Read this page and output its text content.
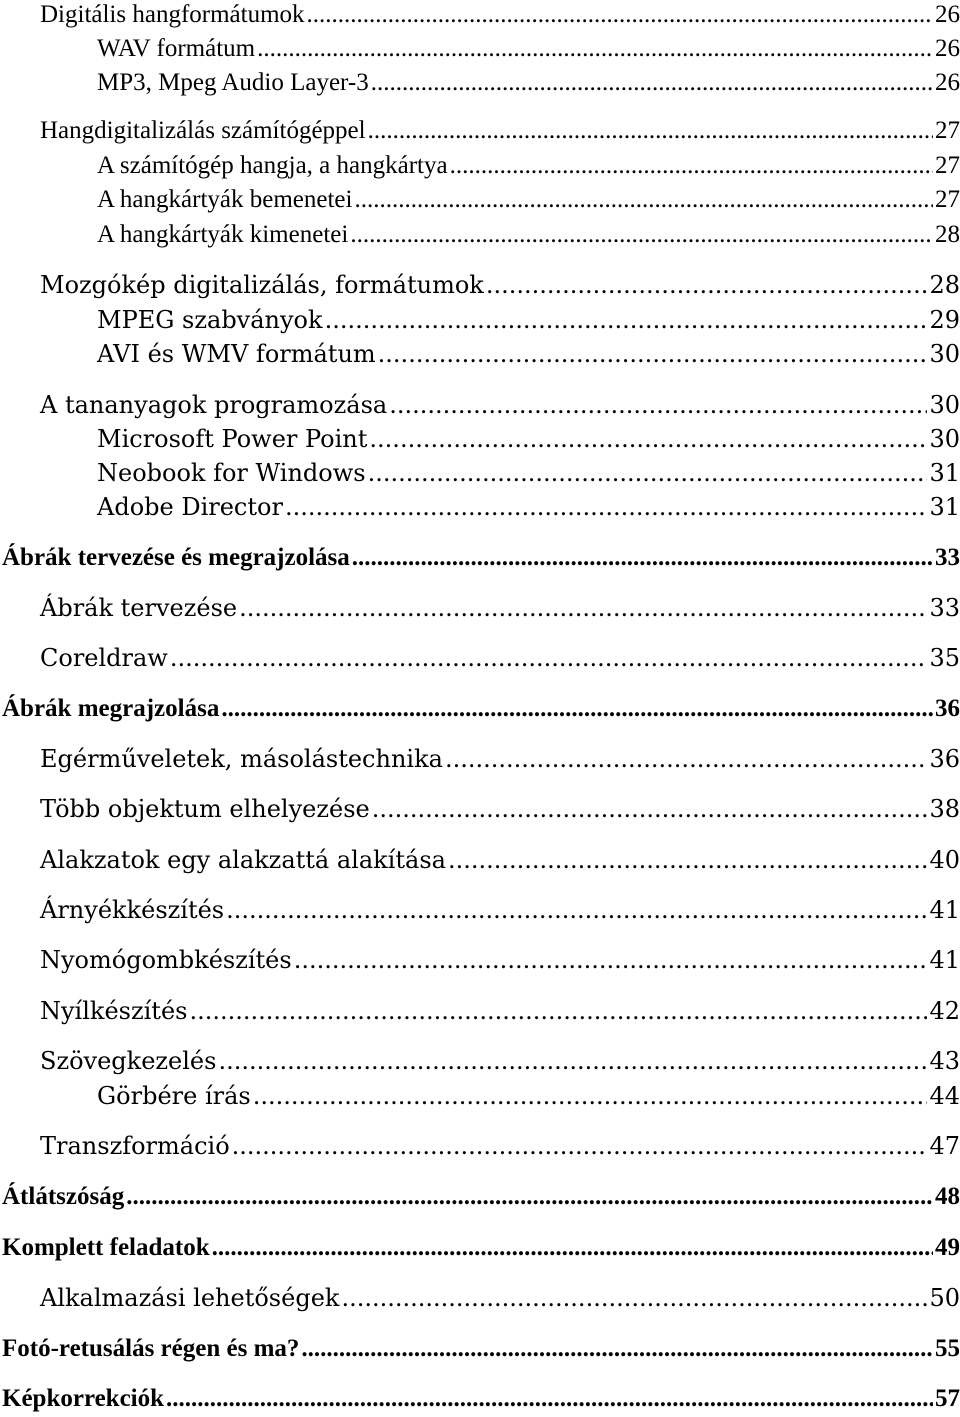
Digitális hangformátumok .....	26
WAV formátum .....	26
MP3, Mpeg Audio Layer-3 .....	26
Hangdigitalizálás számítógéppel .....	27
A számítógép hangja, a hangkártya .....	27
A hangkártyák bemenetei .....	27
A hangkártyák kimenetei .....	28
Mozgókép digitalizálás, formátumok .....	28
MPEG szabványok .....	29
AVI és WMV formátum .....	30
A tananyagok programozása .....	30
Microsoft Power Point .....	30
Neobook for Windows .....	31
Adobe Director .....	31
Ábrák tervezése és megrajzolása .....	33
Ábrák tervezése .....	33
Coreldraw .....	35
Ábrák megrajzolása .....	36
Egérműveletek, másolástechnika .....	36
Több objektum elhelyezése .....	38
Alakzatok egy alakzattá alakítása .....	40
Árnyékkészítés .....	41
Nyomógombkészítés .....	41
Nyílkészítés .....	42
Szövegkezelés .....	43
Görbére írás .....	44
Transzformáció .....	47
Átlátszóság .....	48
Komplett feladatok .....	49
Alkalmazási lehetőségek .....	50
Fotó-retusálás régen és ma? .....	55
Képkorrekciók .....	57
